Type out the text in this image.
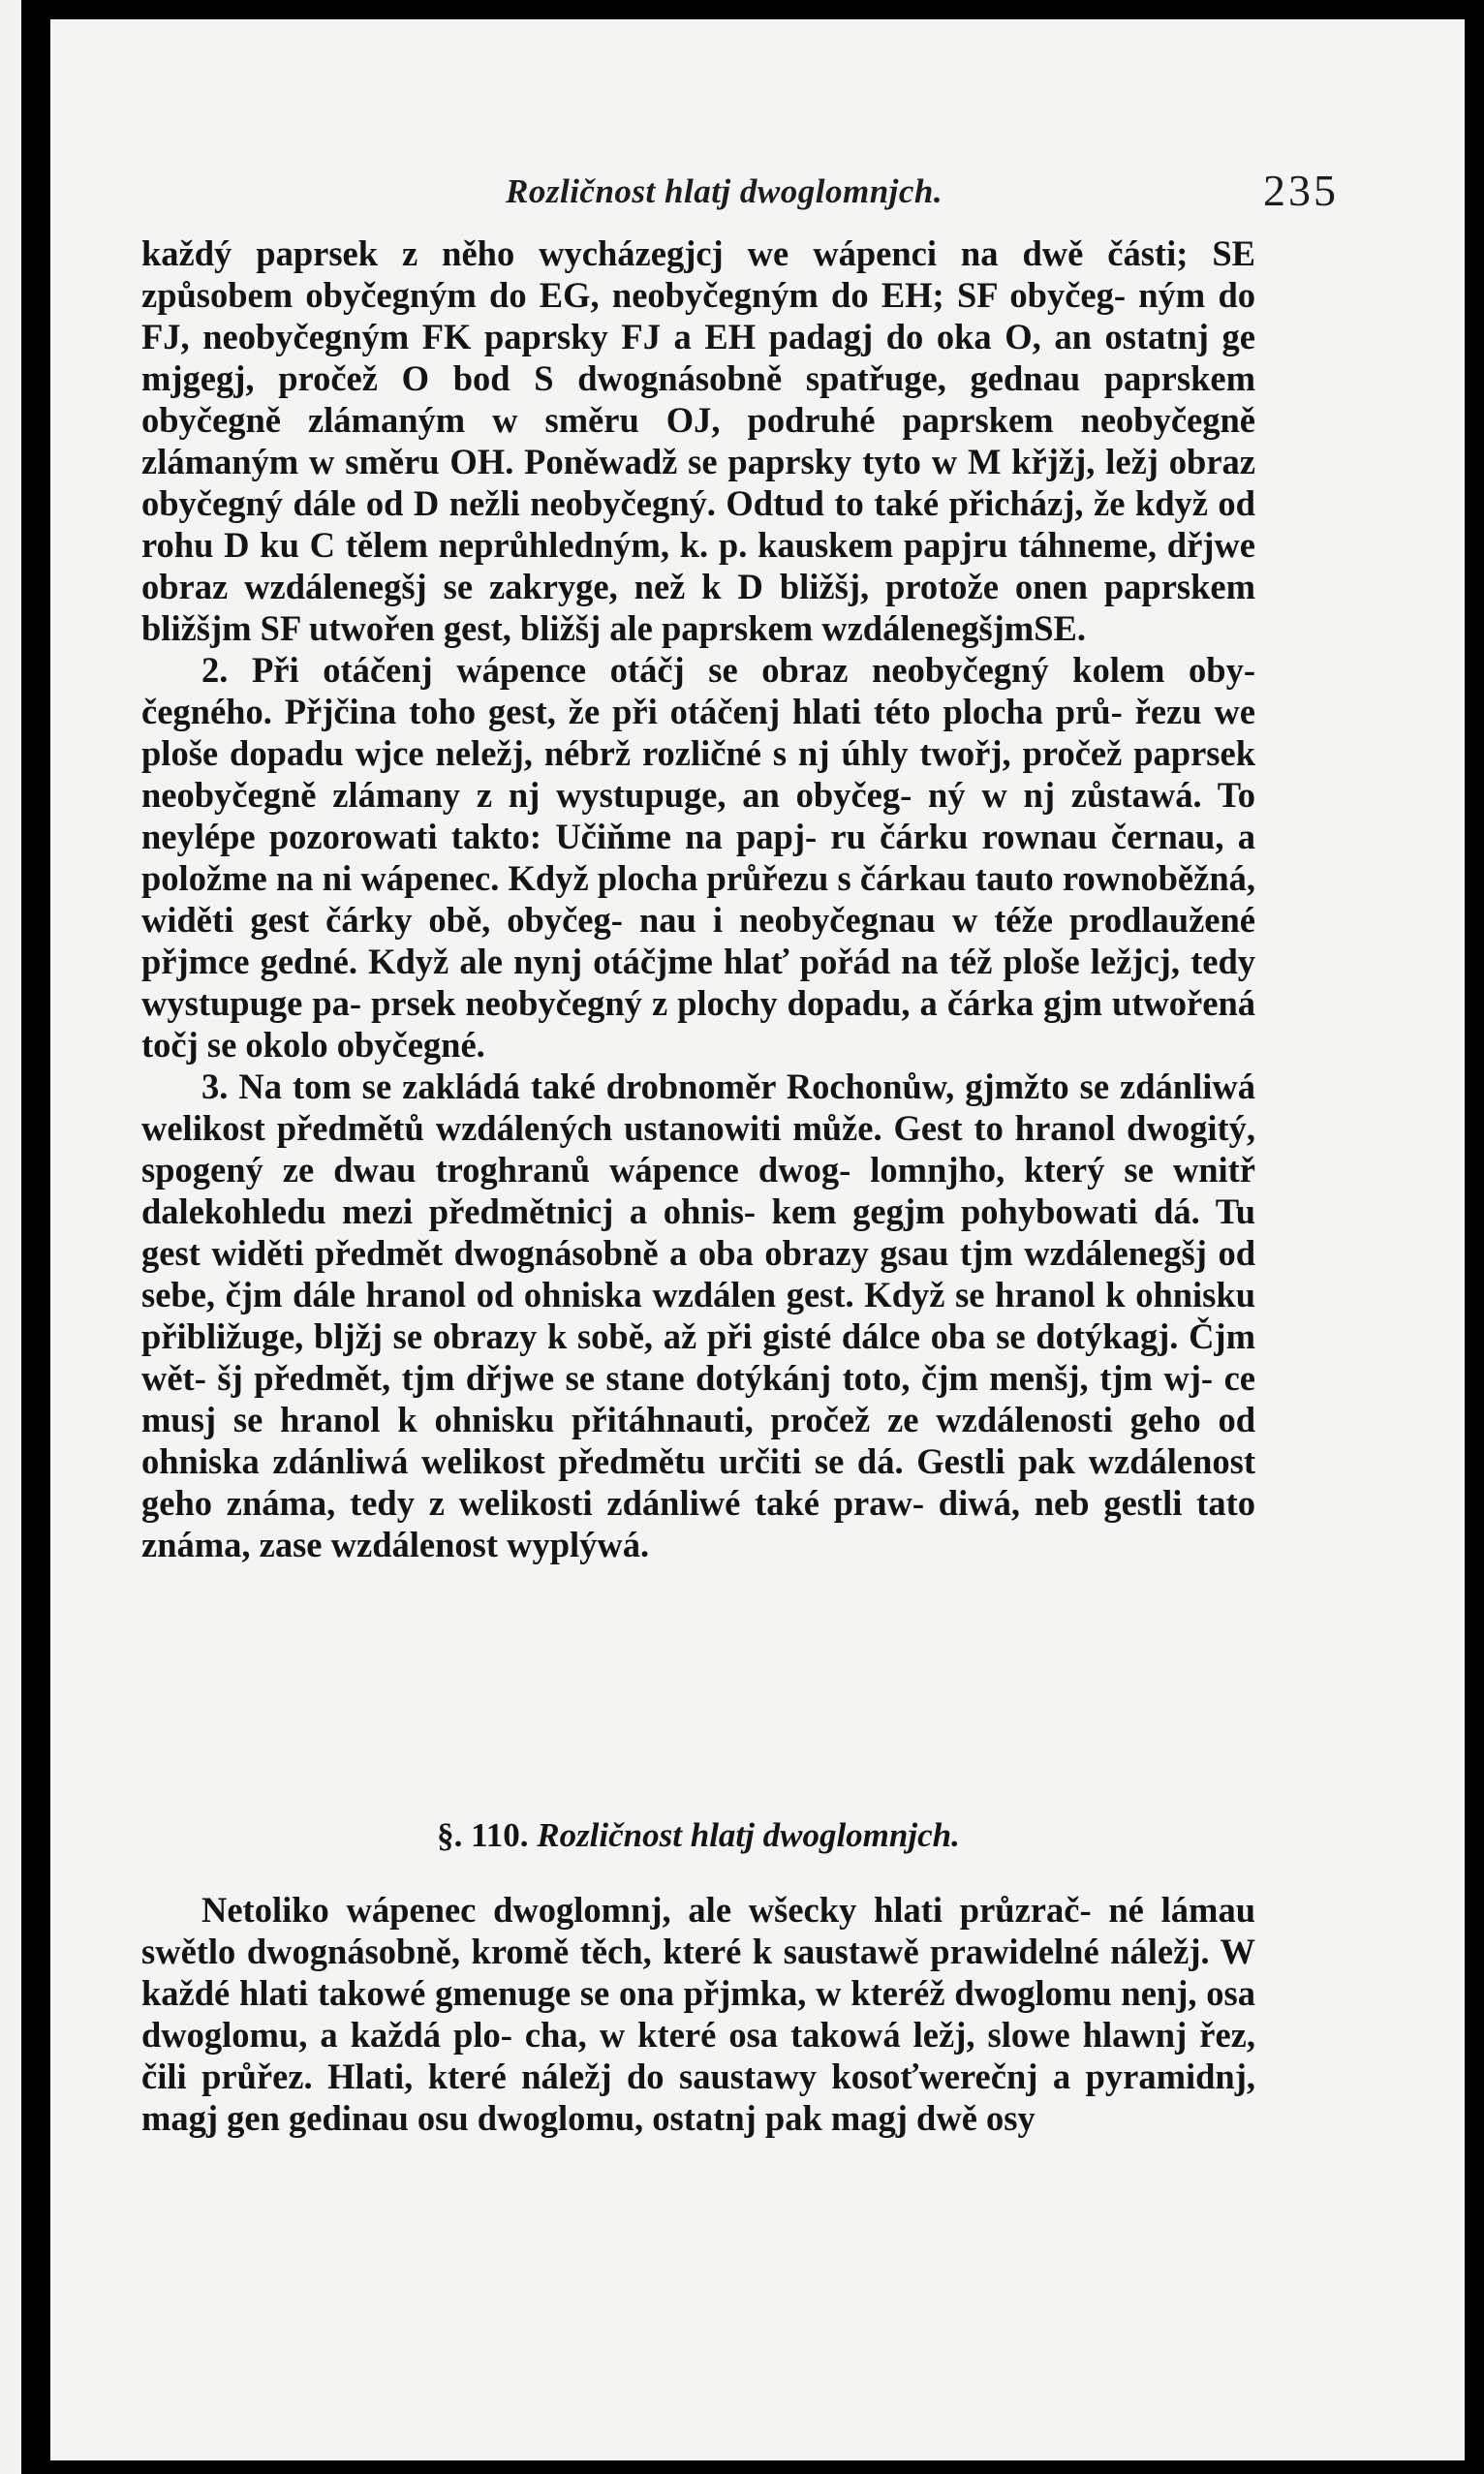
Rozličnost hlatj dwoglomnjch.	235

každý paprsek z něho wycházegjcj we wápenci na dwě části; SE způsobem obyčegným do EG, neobyčegným do EH; SF obyčeg- ným do FJ, neobyčegným FK paprsky FJ a EH padagj do oka O, an ostatnj ge mjgegj, pročež O bod S dwognásobně spatřuge, gednau paprskem obyčegně zlámaným w směru OJ, podruhé paprskem neobyčegně zlámaným w směru OH. Poněwadž se paprsky tyto w M křjžj, ležj obraz obyčegný dále od D nežli neobyčegný. Odtud to také přicházj, že když od rohu D ku C tělem neprůhledným, k. p. kauskem papjru táhneme, dřjwe obraz wzdálenegšj se zakryge, než k D bližšj, protože onen paprskem bližšjm SF utwořen gest, bližšj ale paprskem wzdálenegšjmSE.

2. Při otáčenj wápence otáčj se obraz neobyčegný kolem oby- čegného. Přjčina toho gest, že při otáčenj hlati této plocha prů- řezu we ploše dopadu wjce neležj, nébrž rozličné s nj úhly twořj, pročež paprsek neobyčegně zlámany z nj wystupuge, an obyčeg- ný w nj zůstawá. To neylépe pozorowati takto: Učiňme na papj- ru čárku rownau černau, a položme na ni wápenec. Když plocha průřezu s čárkau tauto rownoběžná, widěti gest čárky obě, obyčeg- nau i neobyčegnau w téže prodlaužené přjmce gedné. Když ale nynj otáčjme hlať pořád na též ploše ležjcj, tedy wystupuge pa- prsek neobyčegný z plochy dopadu, a čárka gjm utwořená točj se okolo obyčegné.

3. Na tom se zakládá také drobnoměr Rochonůw, gjmžto se zdánliwá welikost předmětů wzdálených ustanowiti může. Gest to hranol dwogitý, spogený ze dwau troghranů wápence dwog- lomnjho, který se wnitř dalekohledu mezi předmětnicj a ohnis- kem gegjm pohybowati dá. Tu gest widěti předmět dwognásobně a oba obrazy gsau tjm wzdálenegšj od sebe, čjm dále hranol od ohniska wzdálen gest. Když se hranol k ohnisku přibližuge, bljžj se obrazy k sobě, až při gisté dálce oba se dotýkagj. Čjm wět- šj předmět, tjm dřjwe se stane dotýkánj toto, čjm menšj, tjm wj- ce musj se hranol k ohnisku přitáhnauti, pročež ze wzdálenosti geho od ohniska zdánliwá welikost předmětu určiti se dá. Gestli pak wzdálenost geho známa, tedy z welikosti zdánliwé také praw- diwá, neb gestli tato známa, zase wzdálenost wyplýwá.

§. 110. Rozličnost hlatj dwoglomnjch.

Netoliko wápenec dwoglomnj, ale wšecky hlati průzrač- né lámau swětlo dwognásobně, kromě těch, které k saustawě prawidelné náležj. W každé hlati takowé gmenuge se ona přjmka, w kteréž dwoglomu nenj, osa dwoglomu, a každá plo- cha, w které osa takowá ležj, slowe hlawnj řez, čili průřez. Hlati, které náležj do saustawy kosoťwerečnj a pyramidnj, magj gen gedinau osu dwoglomu, ostatnj pak magj dwě osy
